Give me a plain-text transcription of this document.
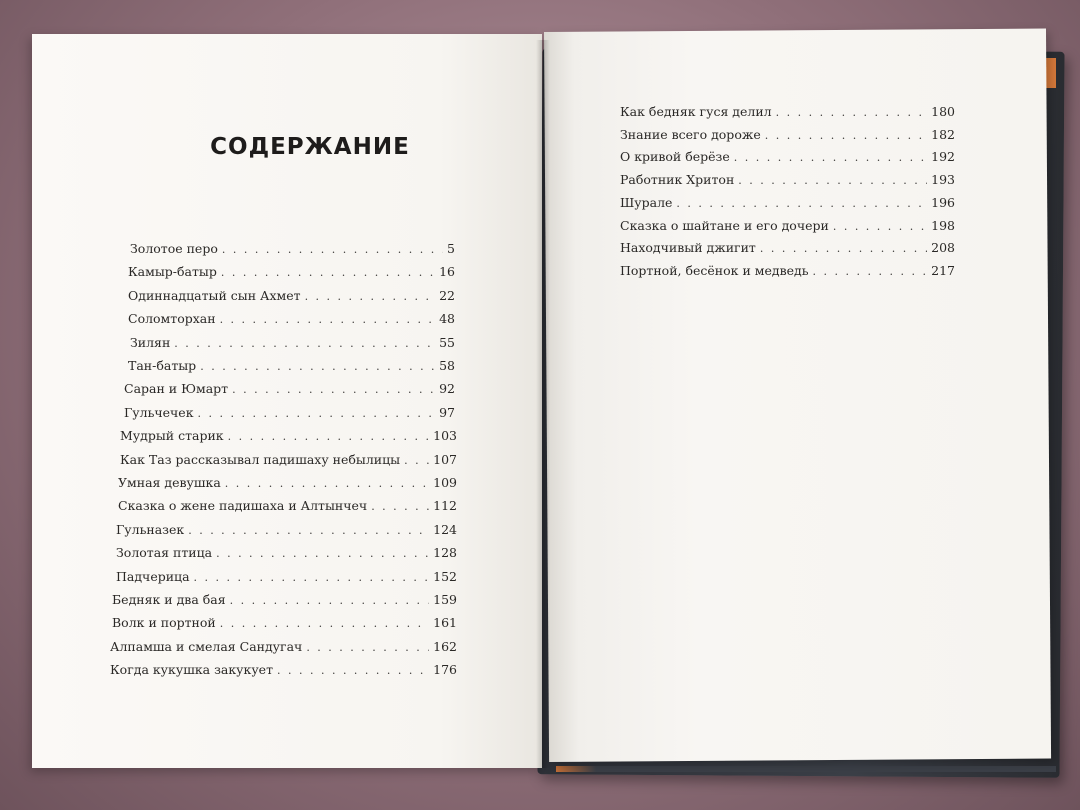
СОДЕРЖАНИЕ
Золотое перо . . .	5
Камыр-батыр . . .	16
Одиннадцатый сын Ахмет . . .	22
Соломторхан . . .	48
Зилян . . .	55
Тан-батыр . . .	58
Саран и Юмарт . . .	92
Гульчечек . . .	97
Мудрый старик . . .	103
Как Таз рассказывал падишаху небылицы . . .	107
Умная девушка . . .	109
Сказка о жене падишаха и Алтынчеч . . .	112
Гульназек . . .	124
Золотая птица . . .	128
Падчерица . . .	152
Бедняк и два бая . . .	159
Волк и портной . . .	161
Алпамша и смелая Сандугач . . .	162
Когда кукушка закукует . . .	176
Как бедняк гуся делил . . .	180
Знание всего дороже . . .	182
О кривой берёзе . . .	192
Работник Хритон . . .	193
Шурале . . .	196
Сказка о шайтане и его дочери . . .	198
Находчивый джигит . . .	208
Портной, бесёнок и медведь . . .	217
